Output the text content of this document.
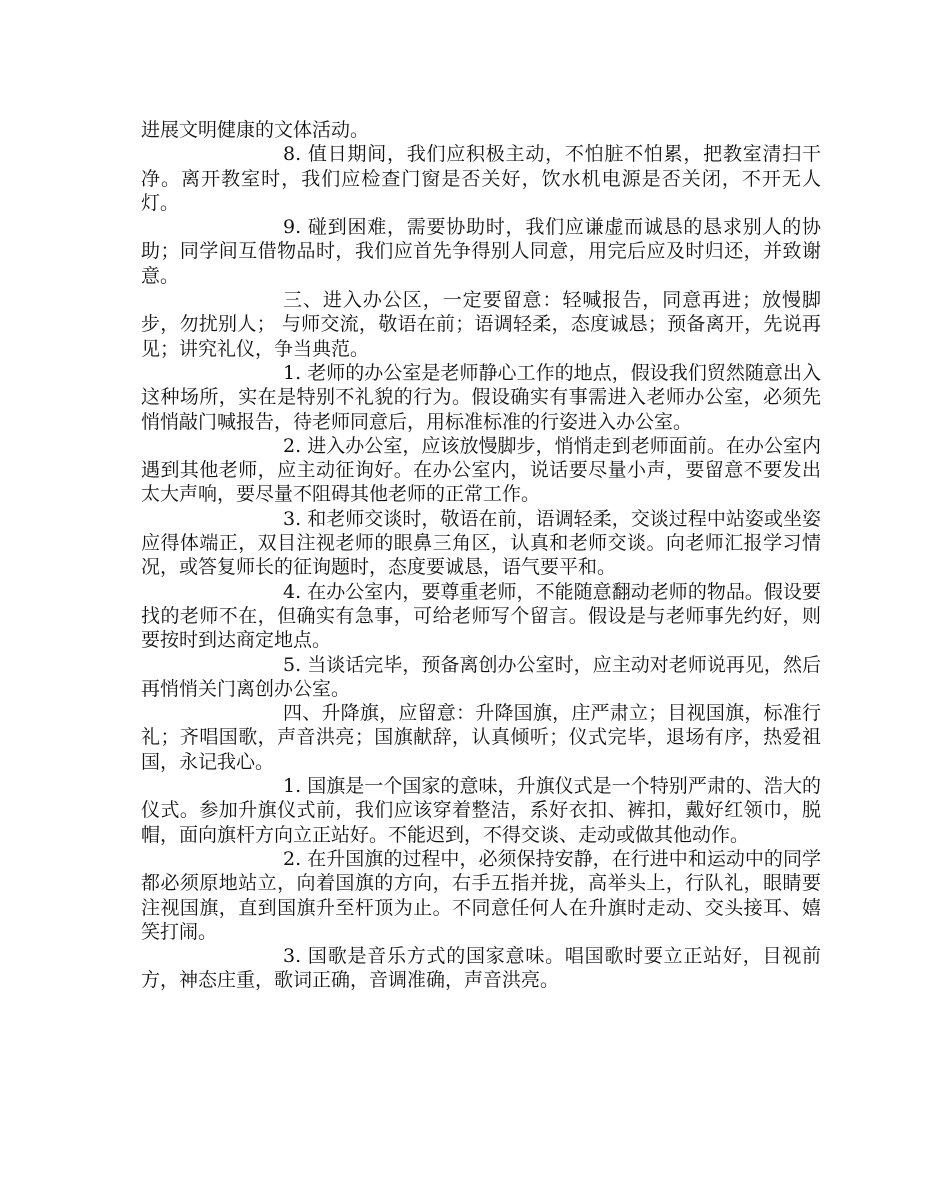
进展文明健康的文体活动。

8. 值日期间，我们应积极主动，不怕脏不怕累，把教室清扫干净。离开教室时，我们应检查门窗是否关好，饮水机电源是否关闭，不开无人灯。

9. 碰到困难，需要协助时，我们应谦虚而诚恳的恳求别人的协助；同学间互借物品时，我们应首先争得别人同意，用完后应及时归还，并致谢意。

三、进入办公区，一定要留意：轻喊报告，同意再进；放慢脚步，勿扰别人； 与师交流，敬语在前；语调轻柔，态度诚恳；预备离开，先说再见；讲究礼仪，争当典范。

1. 老师的办公室是老师静心工作的地点，假设我们贸然随意出入这种场所，实在是特别不礼貌的行为。假设确实有事需进入老师办公室，必须先悄悄敲门喊报告，待老师同意后，用标准标准的行姿进入办公室。

2. 进入办公室，应该放慢脚步，悄悄走到老师面前。在办公室内遇到其他老师，应主动征询好。在办公室内，说话要尽量小声，要留意不要发出太大声响，要尽量不阻碍其他老师的正常工作。

3. 和老师交谈时，敬语在前，语调轻柔，交谈过程中站姿或坐姿应得体端正，双目注视老师的眼鼻三角区，认真和老师交谈。向老师汇报学习情况，或答复师长的征询题时，态度要诚恳，语气要平和。

4. 在办公室内，要尊重老师，不能随意翻动老师的物品。假设要找的老师不在，但确实有急事，可给老师写个留言。假设是与老师事先约好，则要按时到达商定地点。

5. 当谈话完毕，预备离创办公室时，应主动对老师说再见，然后再悄悄关门离创办公室。

四、升降旗，应留意：升降国旗，庄严肃立；目视国旗，标准行礼；齐唱国歌，声音洪亮；国旗献辞，认真倾听；仪式完毕，退场有序，热爱祖国，永记我心。

1. 国旗是一个国家的意味，升旗仪式是一个特别严肃的、浩大的仪式。参加升旗仪式前，我们应该穿着整洁，系好衣扣、裤扣，戴好红领巾，脱帽，面向旗杆方向立正站好。不能迟到，不得交谈、走动或做其他动作。

2. 在升国旗的过程中，必须保持安静，在行进中和运动中的同学都必须原地站立，向着国旗的方向，右手五指并拢，高举头上，行队礼，眼睛要注视国旗，直到国旗升至杆顶为止。不同意任何人在升旗时走动、交头接耳、嬉笑打闹。

3. 国歌是音乐方式的国家意味。唱国歌时要立正站好，目视前方，神态庄重，歌词正确，音调准确，声音洪亮。
